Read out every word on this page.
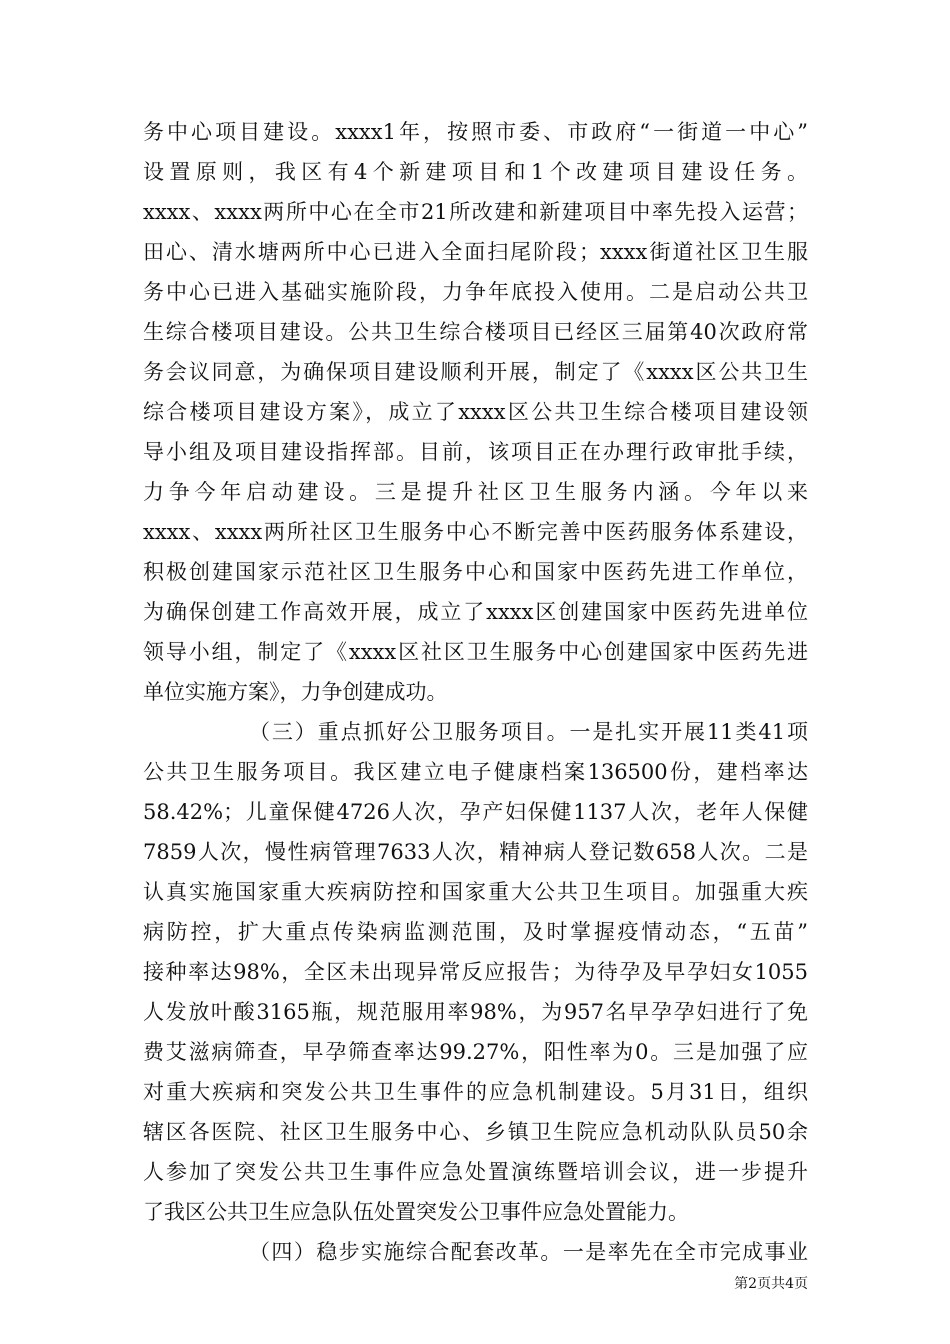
务中心项目建设。xxxx1年，按照市委、市政府“一街道一中心”
设置原则，我区有4个新建项目和1个改建项目建设任务。
xxxx、xxxx两所中心在全市21所改建和新建项目中率先投入运营；
田心、清水塘两所中心已进入全面扫尾阶段；xxxx街道社区卫生服
务中心已进入基础实施阶段，力争年底投入使用。二是启动公共卫
生综合楼项目建设。公共卫生综合楼项目已经区三届第40次政府常
务会议同意，为确保项目建设顺利开展，制定了《xxxx区公共卫生
综合楼项目建设方案》，成立了xxxx区公共卫生综合楼项目建设领
导小组及项目建设指挥部。目前，该项目正在办理行政审批手续，
力争今年启动建设。三是提升社区卫生服务内涵。今年以来
xxxx、xxxx两所社区卫生服务中心不断完善中医药服务体系建设，
积极创建国家示范社区卫生服务中心和国家中医药先进工作单位，
为确保创建工作高效开展，成立了xxxx区创建国家中医药先进单位
领导小组，制定了《xxxx区社区卫生服务中心创建国家中医药先进
单位实施方案》，力争创建成功。
（三）重点抓好公卫服务项目。一是扎实开展11类41项
公共卫生服务项目。我区建立电子健康档案136500份，建档率达
58.42%；儿童保健4726人次，孕产妇保健1137人次，老年人保健
7859人次，慢性病管理7633人次，精神病人登记数658人次。二是
认真实施国家重大疾病防控和国家重大公共卫生项目。加强重大疾
病防控，扩大重点传染病监测范围，及时掌握疫情动态，“五苗”
接种率达98%，全区未出现异常反应报告；为待孕及早孕妇女1055
人发放叶酸3165瓶，规范服用率98%，为957名早孕孕妇进行了免
费艾滋病筛查，早孕筛查率达99.27%，阳性率为0。三是加强了应
对重大疾病和突发公共卫生事件的应急机制建设。5月31日，组织
辖区各医院、社区卫生服务中心、乡镇卫生院应急机动队队员50余
人参加了突发公共卫生事件应急处置演练暨培训会议，进一步提升
了我区公共卫生应急队伍处置突发公卫事件应急处置能力。
（四）稳步实施综合配套改革。一是率先在全市完成事业
第2页共4页
